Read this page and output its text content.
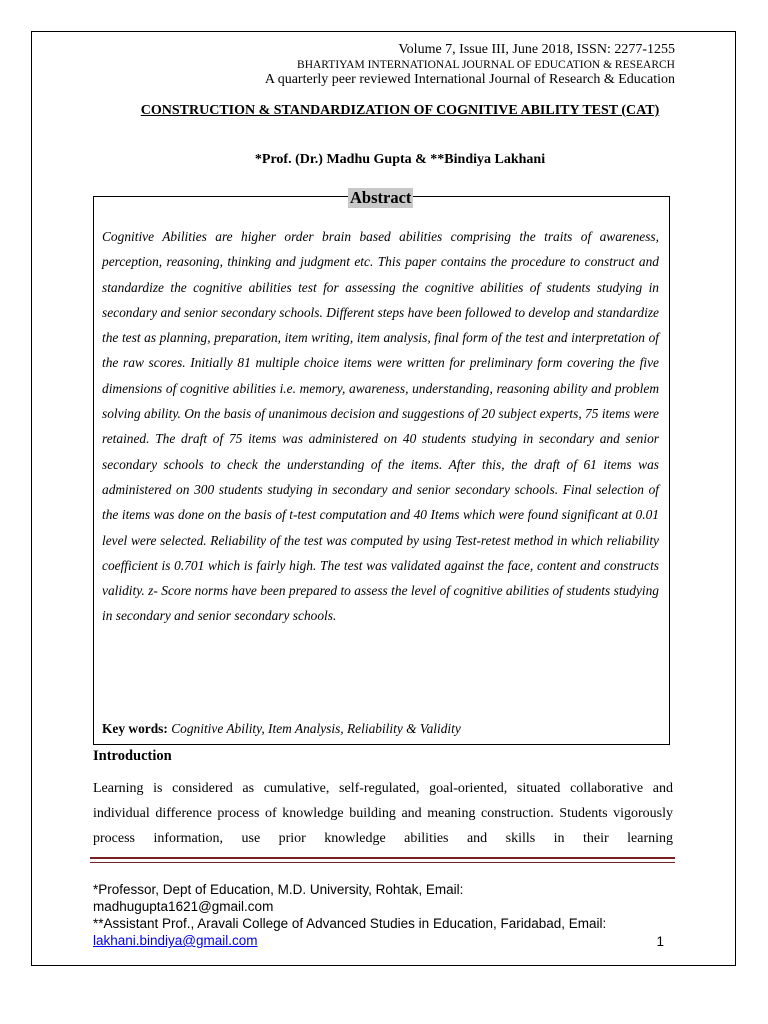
Volume 7, Issue III, June 2018, ISSN: 2277-1255
BHARTIYAM INTERNATIONAL JOURNAL OF EDUCATION & RESEARCH
A quarterly peer reviewed International Journal of Research & Education
CONSTRUCTION & STANDARDIZATION OF COGNITIVE ABILITY TEST (CAT)
*Prof. (Dr.) Madhu Gupta & **Bindiya Lakhani
Abstract
Cognitive Abilities are higher order brain based abilities comprising the traits of awareness, perception, reasoning, thinking and judgment etc. This paper contains the procedure to construct and standardize the cognitive abilities test for assessing the cognitive abilities of students studying in secondary and senior secondary schools. Different steps have been followed to develop and standardize the test as planning, preparation, item writing, item analysis, final form of the test and interpretation of the raw scores. Initially 81 multiple choice items were written for preliminary form covering the five dimensions of cognitive abilities i.e. memory, awareness, understanding, reasoning ability and problem solving ability. On the basis of unanimous decision and suggestions of 20 subject experts, 75 items were retained. The draft of 75 items was administered on 40 students studying in secondary and senior secondary schools to check the understanding of the items. After this, the draft of 61 items was administered on 300 students studying in secondary and senior secondary schools. Final selection of the items was done on the basis of t-test computation and 40 Items which were found significant at 0.01 level were selected. Reliability of the test was computed by using Test-retest method in which reliability coefficient is 0.701 which is fairly high. The test was validated against the face, content and constructs validity. z- Score norms have been prepared to assess the level of cognitive abilities of students studying in secondary and senior secondary schools.
Key words: Cognitive Ability, Item Analysis, Reliability & Validity
Introduction
Learning is considered as cumulative, self-regulated, goal-oriented, situated collaborative and individual difference process of knowledge building and meaning construction. Students vigorously process information, use prior knowledge abilities and skills in their learning
*Professor, Dept of Education, M.D. University, Rohtak, Email:
madhugupta1621@gmail.com
**Assistant Prof., Aravali College of Advanced Studies in Education, Faridabad, Email:
lakhani.bindiya@gmail.com	1
